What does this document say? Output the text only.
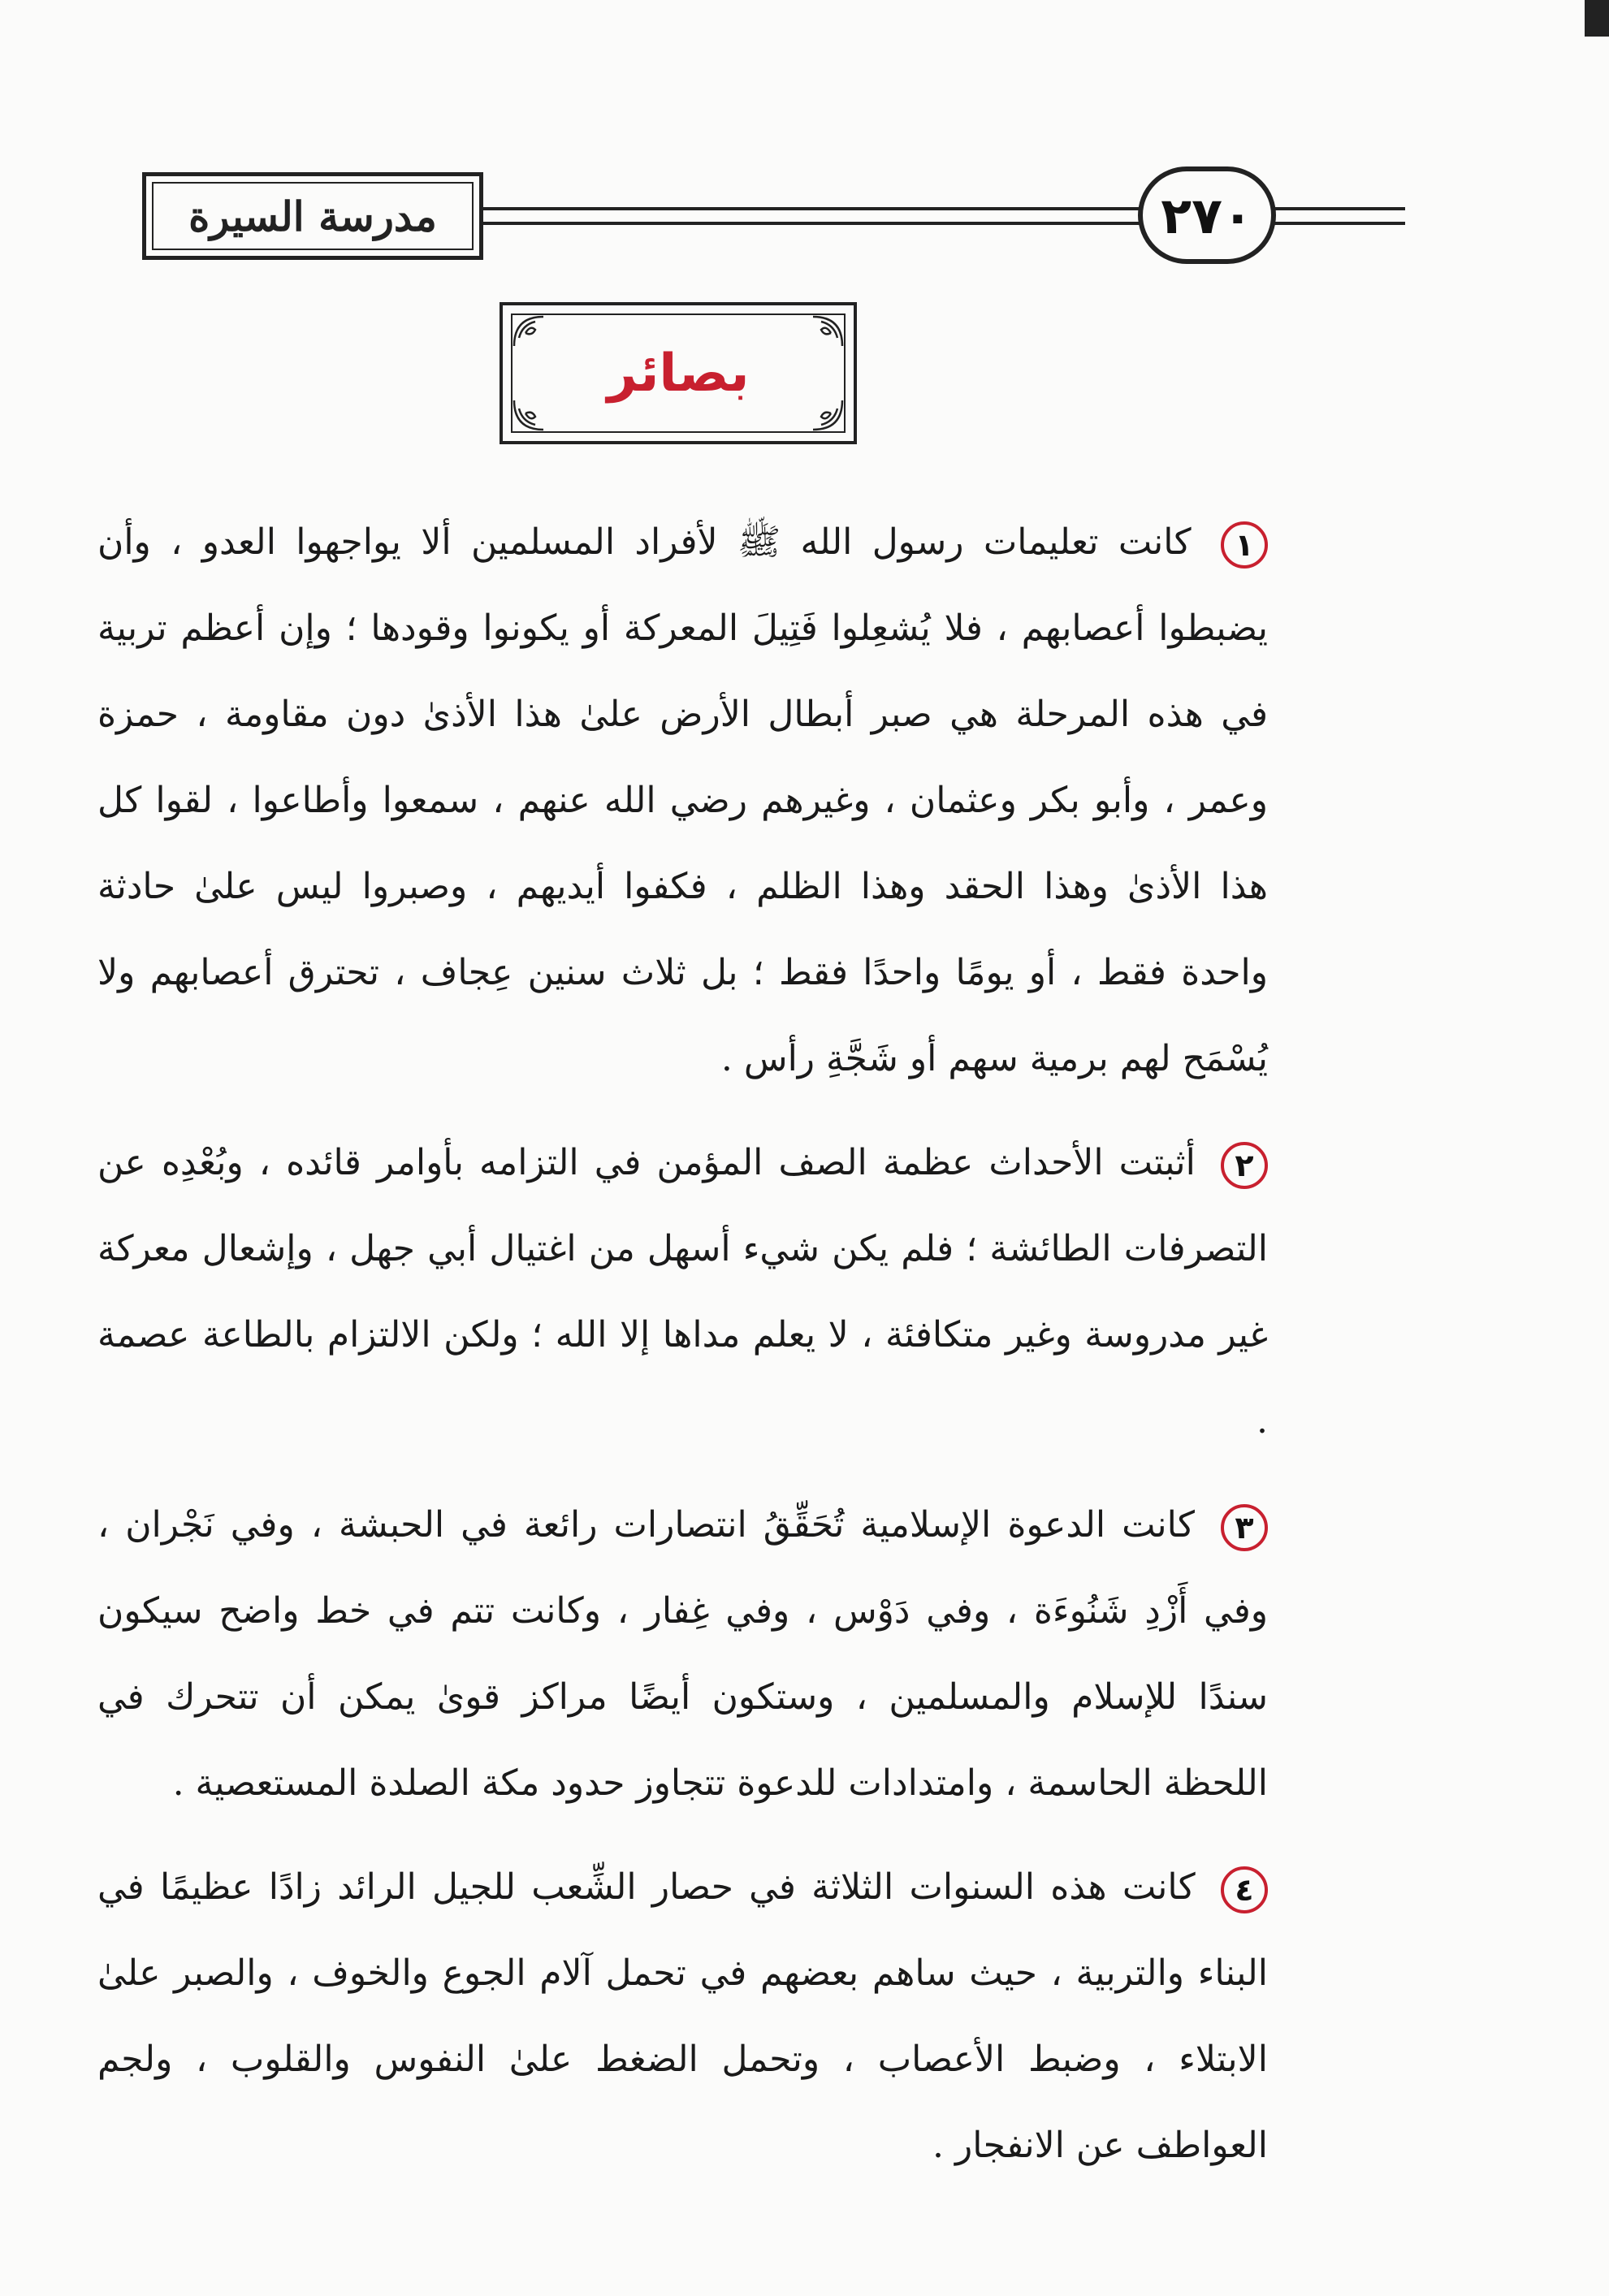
مدرسة السيرة	٢٧٠
بصائر

١ كانت تعليمات رسول الله ﷺ لأفراد المسلمين ألا يواجهوا العدو ، وأن يضبطوا أعصابهم ، فلا يُشعِلوا فَتِيلَ المعركة أو يكونوا وقودها ؛ وإن أعظم تربية في هذه المرحلة هي صبر أبطال الأرض علىٰ هذا الأذىٰ دون مقاومة ، حمزة وعمر ، وأبو بكر وعثمان ، وغيرهم رضي الله عنهم ، سمعوا وأطاعوا ، لقوا كل هذا الأذىٰ وهذا الحقد وهذا الظلم ، فكفوا أيديهم ، وصبروا ليس علىٰ حادثة واحدة فقط ، أو يومًا واحدًا فقط ؛ بل ثلاث سنين عِجاف ، تحترق أعصابهم ولا يُسْمَح لهم برمية سهم أو شَجَّةِ رأس .

٢ أثبتت الأحداث عظمة الصف المؤمن في التزامه بأوامر قائده ، وبُعْدِه عن التصرفات الطائشة ؛ فلم يكن شيء أسهل من اغتيال أبي جهل ، وإشعال معركة غير مدروسة وغير متكافئة ، لا يعلم مداها إلا الله ؛ ولكن الالتزام بالطاعة عصمة .

٣ كانت الدعوة الإسلامية تُحَقِّقُ انتصارات رائعة في الحبشة ، وفي نَجْران ، وفي أَزْدِ شَنُوءَة ، وفي دَوْس ، وفي غِفار ، وكانت تتم في خط واضح سيكون سندًا للإسلام والمسلمين ، وستكون أيضًا مراكز قوىٰ يمكن أن تتحرك في اللحظة الحاسمة ، وامتدادات للدعوة تتجاوز حدود مكة الصلدة المستعصية .

٤ كانت هذه السنوات الثلاثة في حصار الشِّعب للجيل الرائد زادًا عظيمًا في البناء والتربية ، حيث ساهم بعضهم في تحمل آلام الجوع والخوف ، والصبر علىٰ الابتلاء ، وضبط الأعصاب ، وتحمل الضغط علىٰ النفوس والقلوب ، ولجم العواطف عن الانفجار .
